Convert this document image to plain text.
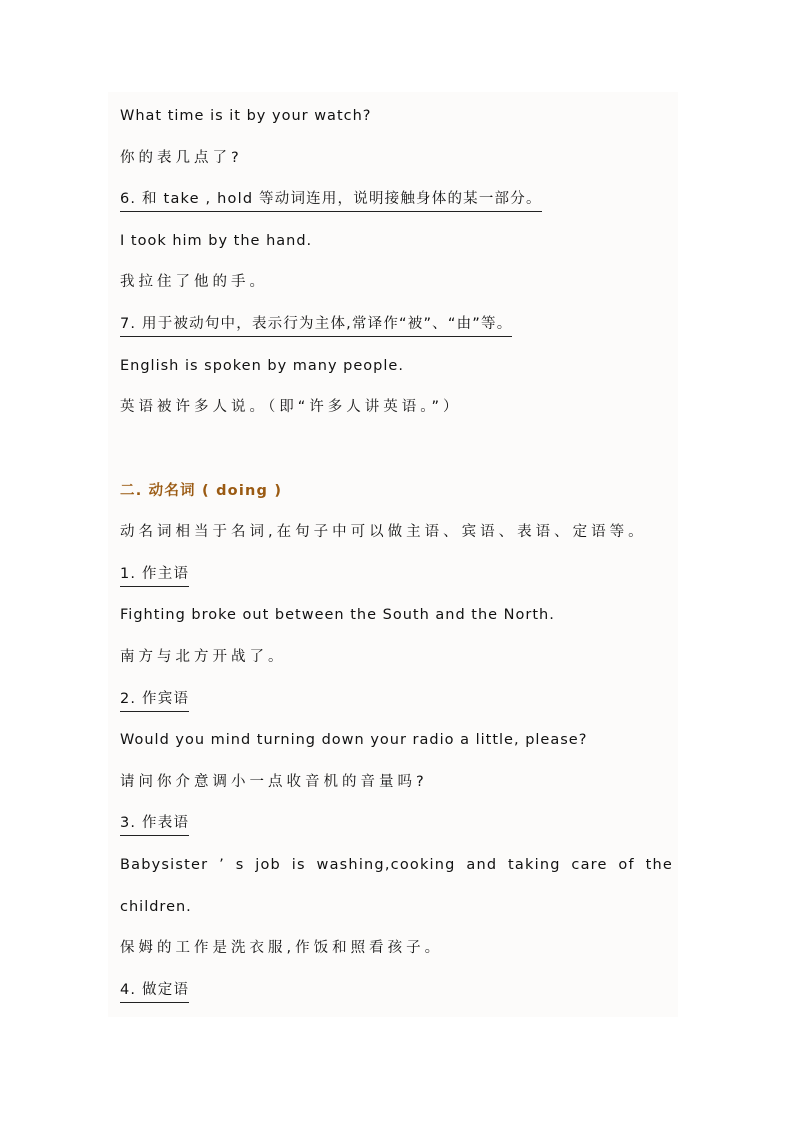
What time is it by your watch?
你的表几点了?
6. 和 take , hold 等动词连用，说明接触身体的某一部分。
I took him by the hand.
我拉住了他的手。
7. 用于被动句中，表示行为主体,常译作“被”、“由”等。
English is spoken by many people.
英语被许多人说。（即“许多人讲英语。”）
二. 动名词 ( doing )
动名词相当于名词,在句子中可以做主语、宾语、表语、定语等。
1. 作主语
Fighting broke out between the South and the North.
南方与北方开战了。
2. 作宾语
Would you mind turning down your radio a little, please?
请问你介意调小一点收音机的音量吗?
3. 作表语
Babysister ’ s job is washing,cooking and taking care of the
children.
保姆的工作是洗衣服,作饭和照看孩子。
4. 做定语
